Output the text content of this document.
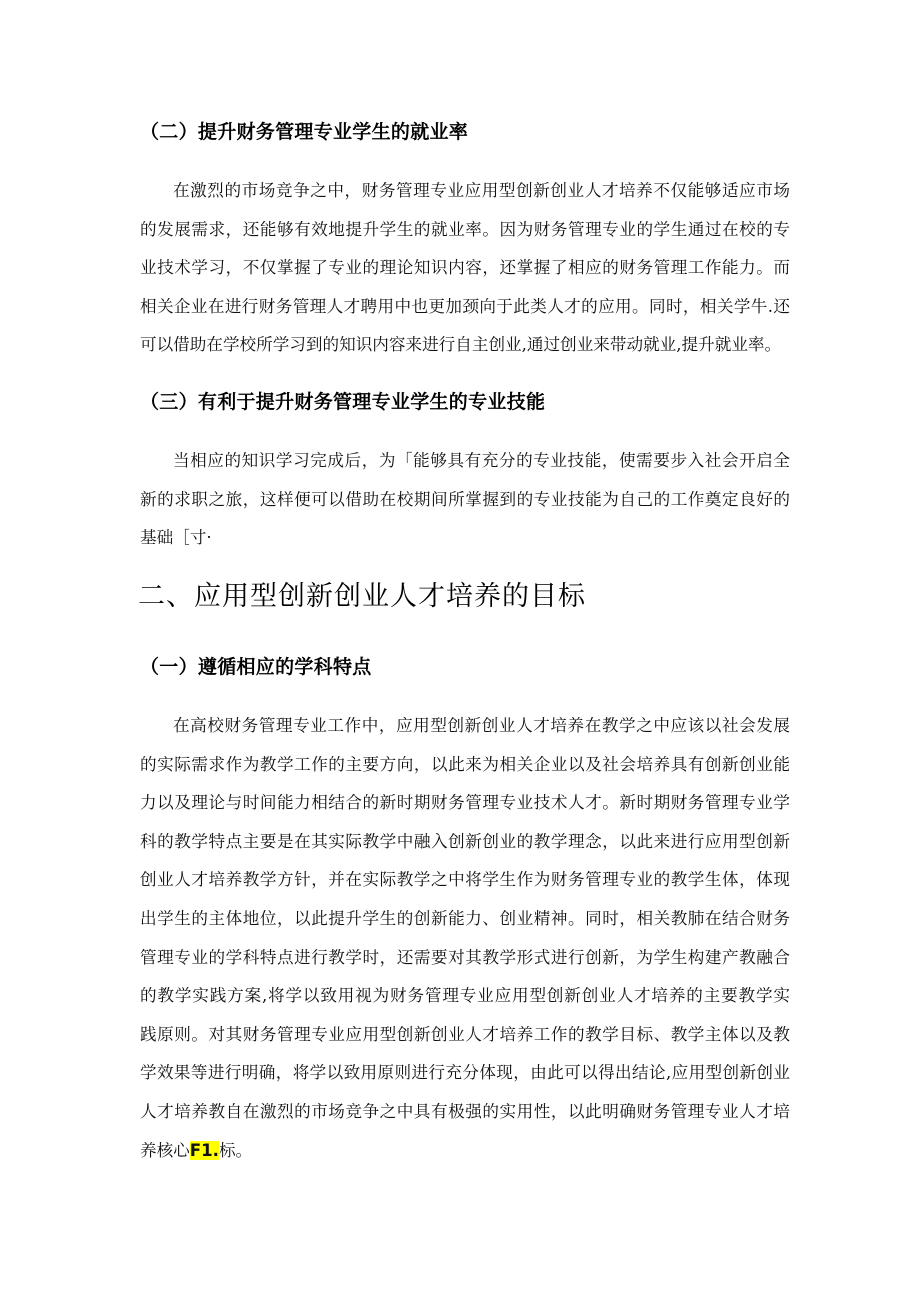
（二）提升财务管理专业学生的就业率
在激烈的市场竞争之中，财务管理专业应用型创新创业人才培养不仅能够适应市场
的发展需求，还能够有效地提升学生的就业率。因为财务管理专业的学生通过在校的专
业技术学习，不仅掌握了专业的理论知识内容，还掌握了相应的财务管理工作能力。而
相关企业在进行财务管理人才聘用中也更加颈向于此类人才的应用。同时，相关学牛.还
可以借助在学校所学习到的知识内容来进行自主创业,通过创业来带动就业,提升就业率。
（三）有利于提升财务管理专业学生的专业技能
当相应的知识学习完成后，为「能够具有充分的专业技能，使需要步入社会开启全
新的求职之旅，这样便可以借助在校期间所掌握到的专业技能为自己的工作奠定良好的
基础［寸·
二、应用型创新创业人才培养的目标
（一）遵循相应的学科特点
在高校财务管理专业工作中，应用型创新创业人才培养在教学之中应该以社会发展
的实际需求作为教学工作的主要方向，以此来为相关企业以及社会培养具有创新创业能
力以及理论与时间能力相结合的新时期财务管理专业技术人才。新时期财务管理专业学
科的教学特点主要是在其实际教学中融入创新创业的教学理念，以此来进行应用型创新
创业人才培养教学方针，并在实际教学之中将学生作为财务管理专业的教学生体，体现
出学生的主体地位，以此提升学生的创新能力、创业精神。同时，相关教肺在结合财务
管理专业的学科特点进行教学时，还需要对其教学形式进行创新，为学生构建产教融合
的教学实践方案,将学以致用视为财务管理专业应用型创新创业人才培养的主要教学实
践原则。对其财务管理专业应用型创新创业人才培养工作的教学目标、教学主体以及教
学效果等进行明确，将学以致用原则进行充分体现，由此可以得出结论,应用型创新创业
人才培养教自在激烈的市场竞争之中具有极强的实用性，以此明确财务管理专业人才培
养核心F1.标。
